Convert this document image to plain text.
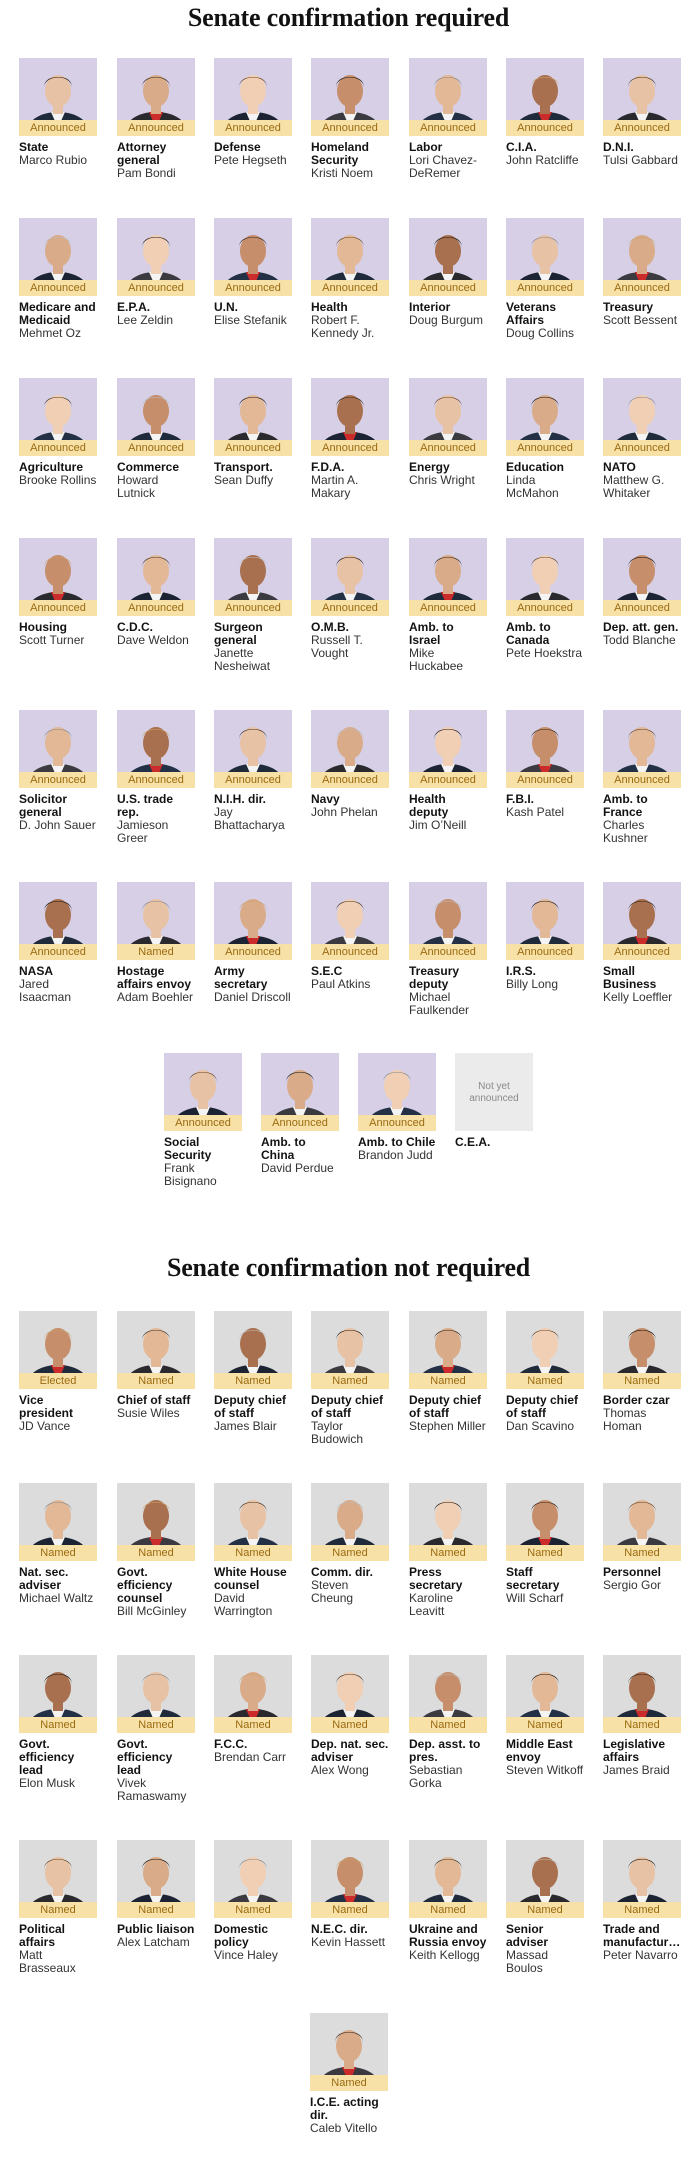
Senate confirmation required
Announced
State
Marco Rubio
Announced
Attorney general
Pam Bondi
Announced
Defense
Pete Hegseth
Announced
Homeland Security
Kristi Noem
Announced
Labor
Lori Chavez-DeRemer
Announced
C.I.A.
John Ratcliffe
Announced
D.N.I.
Tulsi Gabbard
Announced
Medicare and Medicaid
Mehmet Oz
Announced
E.P.A.
Lee Zeldin
Announced
U.N.
Elise Stefanik
Announced
Health
Robert F. Kennedy Jr.
Announced
Interior
Doug Burgum
Announced
Veterans Affairs
Doug Collins
Announced
Treasury
Scott Bessent
Announced
Agriculture
Brooke Rollins
Announced
Commerce
Howard Lutnick
Announced
Transport.
Sean Duffy
Announced
F.D.A.
Martin A. Makary
Announced
Energy
Chris Wright
Announced
Education
Linda McMahon
Announced
NATO
Matthew G. Whitaker
Announced
Housing
Scott Turner
Announced
C.D.C.
Dave Weldon
Announced
Surgeon general
Janette Nesheiwat
Announced
O.M.B.
Russell T. Vought
Announced
Amb. to Israel
Mike Huckabee
Announced
Amb. to Canada
Pete Hoekstra
Announced
Dep. att. gen.
Todd Blanche
Announced
Solicitor general
D. John Sauer
Announced
U.S. trade rep.
Jamieson Greer
Announced
N.I.H. dir.
Jay Bhattacharya
Announced
Navy
John Phelan
Announced
Health deputy
Jim O’Neill
Announced
F.B.I.
Kash Patel
Announced
Amb. to France
Charles Kushner
Announced
NASA
Jared Isaacman
Named
Hostage affairs envoy
Adam Boehler
Announced
Army secretary
Daniel Driscoll
Announced
S.E.C
Paul Atkins
Announced
Treasury deputy
Michael Faulkender
Announced
I.R.S.
Billy Long
Announced
Small Business
Kelly Loeffler
Announced
Social Security
Frank Bisignano
Announced
Amb. to China
David Perdue
Announced
Amb. to Chile
Brandon Judd
Not yet announced
C.E.A.
Senate confirmation not required
Elected
Vice president
JD Vance
Named
Chief of staff
Susie Wiles
Named
Deputy chief of staff
James Blair
Named
Deputy chief of staff
Taylor Budowich
Named
Deputy chief of staff
Stephen Miller
Named
Deputy chief of staff
Dan Scavino
Named
Border czar
Thomas Homan
Named
Nat. sec. adviser
Michael Waltz
Named
Govt. efficiency counsel
Bill McGinley
Named
White House counsel
David Warrington
Named
Comm. dir.
Steven Cheung
Named
Press secretary
Karoline Leavitt
Named
Staff secretary
Will Scharf
Named
Personnel
Sergio Gor
Named
Govt. efficiency lead
Elon Musk
Named
Govt. efficiency lead
Vivek Ramaswamy
Named
F.C.C.
Brendan Carr
Named
Dep. nat. sec. adviser
Alex Wong
Named
Dep. asst. to pres.
Sebastian Gorka
Named
Middle East envoy
Steven Witkoff
Named
Legislative affairs
James Braid
Named
Political affairs
Matt Brasseaux
Named
Public liaison
Alex Latcham
Named
Domestic policy
Vince Haley
Named
N.E.C. dir.
Kevin Hassett
Named
Ukraine and Russia envoy
Keith Kellogg
Named
Senior adviser
Massad Boulos
Named
Trade and manufactur…
Peter Navarro
Named
I.C.E. acting dir.
Caleb Vitello
